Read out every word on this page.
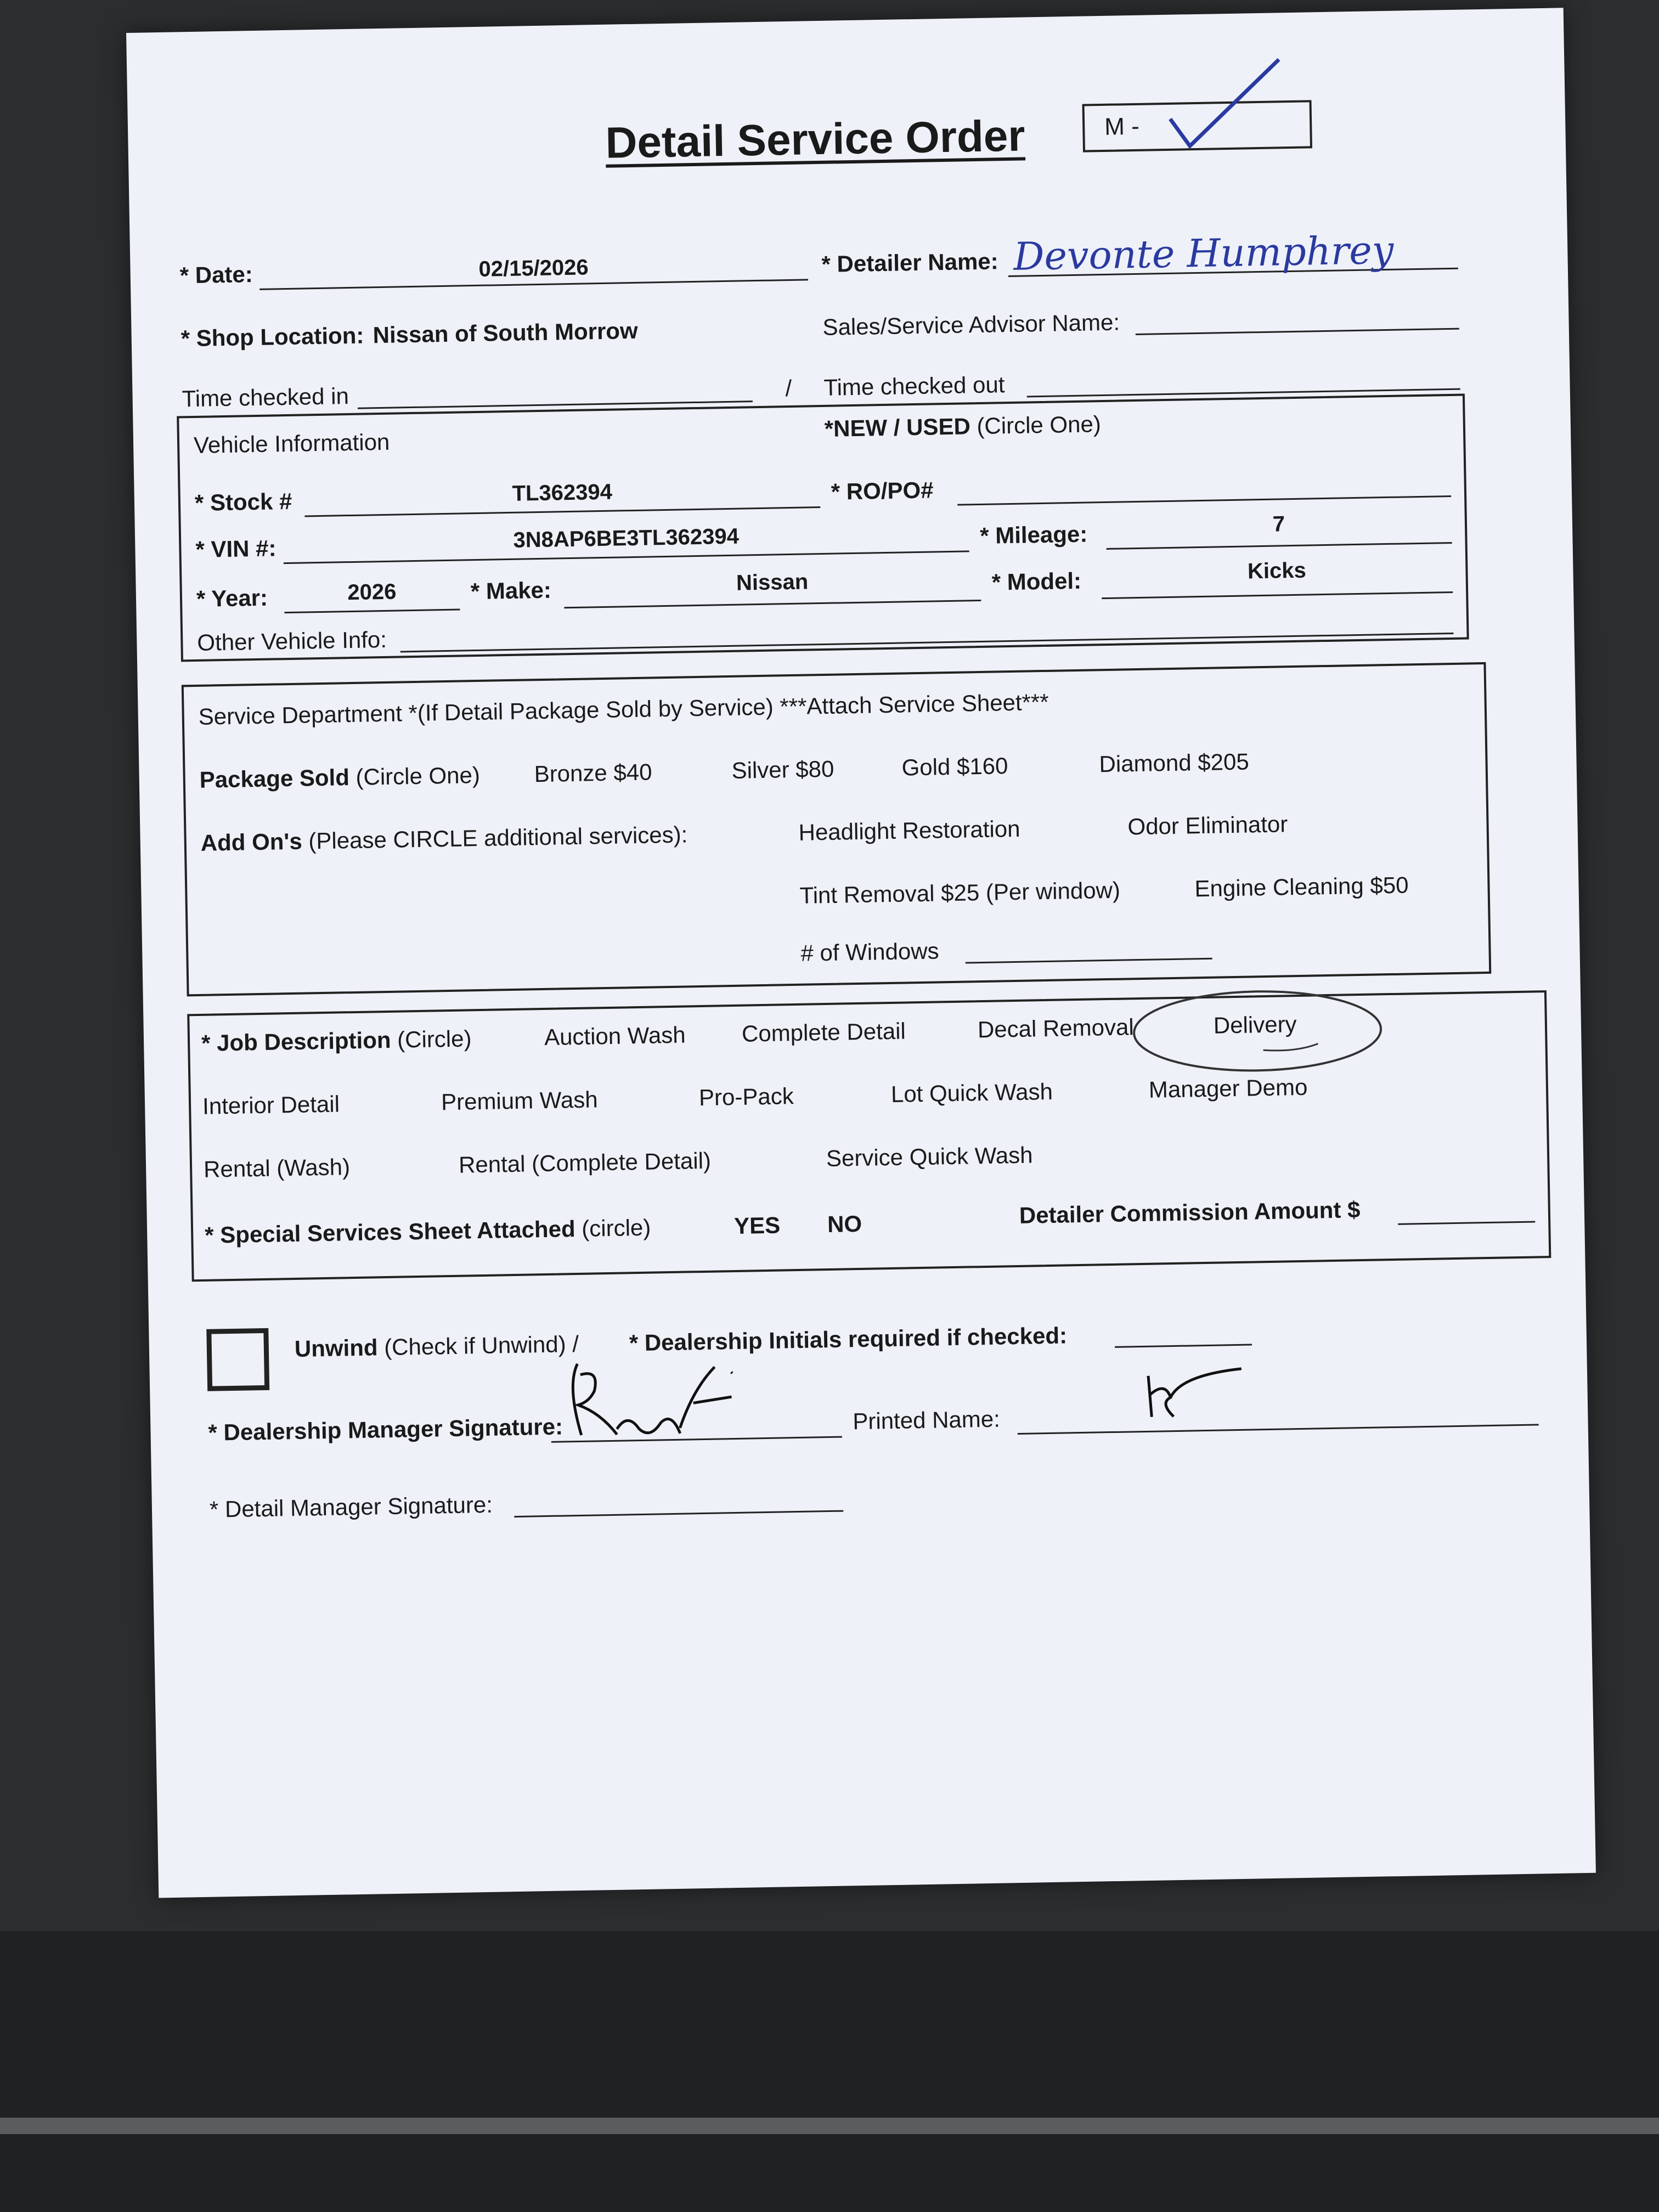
Detail Service Order	M -
* Date:	02/15/2026	* Detailer Name: Devonte Humphrey
* Shop Location: Nissan of South Morrow	Sales/Service Advisor Name:
Time checked in	/ Time checked out
Vehicle Information
*NEW / USED (Circle One)
* Stock #	TL362394	* RO/PO#
* VIN #:	3N8AP6BE3TL362394	* Mileage:	7
* Year:	2026	* Make:	Nissan	* Model:	Kicks
Other Vehicle Info:
Service Department *(If Detail Package Sold by Service) ***Attach Service Sheet***
Package Sold (Circle One) Bronze $40	Silver $80	Gold $160	Diamond $205
Add On's (Please CIRCLE additional services):	Headlight Restoration	Odor Eliminator
Tint Removal $25 (Per window)	Engine Cleaning $50
# of Windows
* Job Description (Circle)	Auction Wash Complete Detail	Decal Removal	Delivery
Interior Detail	Premium Wash	Pro-Pack	Lot Quick Wash	Manager Demo
Rental (Wash)	Rental (Complete Detail)	Service Quick Wash
* Special Services Sheet Attached (circle)	YES NO	Detailer Commission Amount $
Unwind (Check if Unwind) / * Dealership Initials required if checked:
* Dealership Manager Signature:	Printed Name:
* Detail Manager Signature:
